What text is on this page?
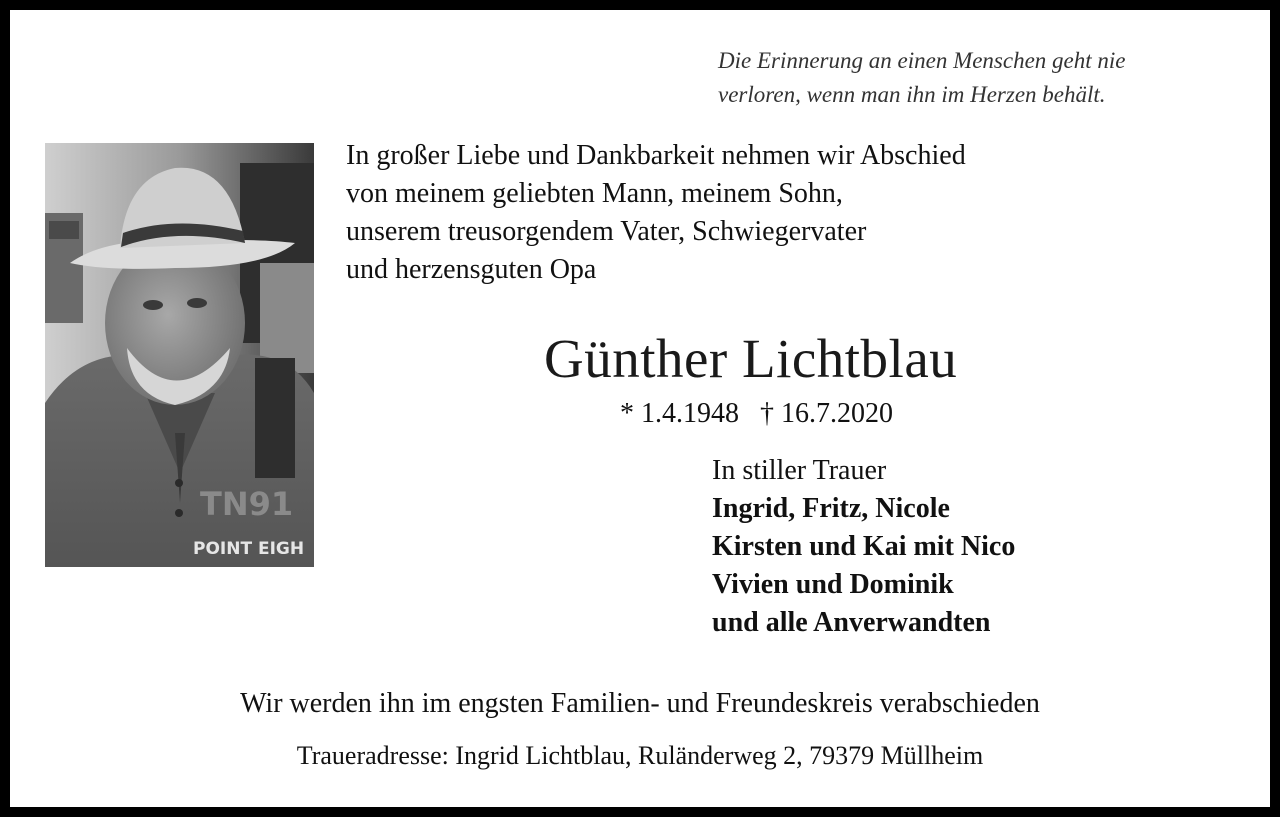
Die Erinnerung an einen Menschen geht nie
verloren, wenn man ihn im Herzen behält.
TN91
POINT EIGH
In großer Liebe und Dankbarkeit nehmen wir Abschied
von meinem geliebten Mann, meinem Sohn,
unserem treusorgendem Vater, Schwiegervater
und herzensguten Opa
Günther Lichtblau
* 1.4.1948   † 16.7.2020
In stiller Trauer
Ingrid, Fritz, Nicole
Kirsten und Kai mit Nico
Vivien und Dominik
und alle Anverwandten
Wir werden ihn im engsten Familien- und Freundeskreis verabschieden
Traueradresse: Ingrid Lichtblau, Ruländerweg 2, 79379 Müllheim
